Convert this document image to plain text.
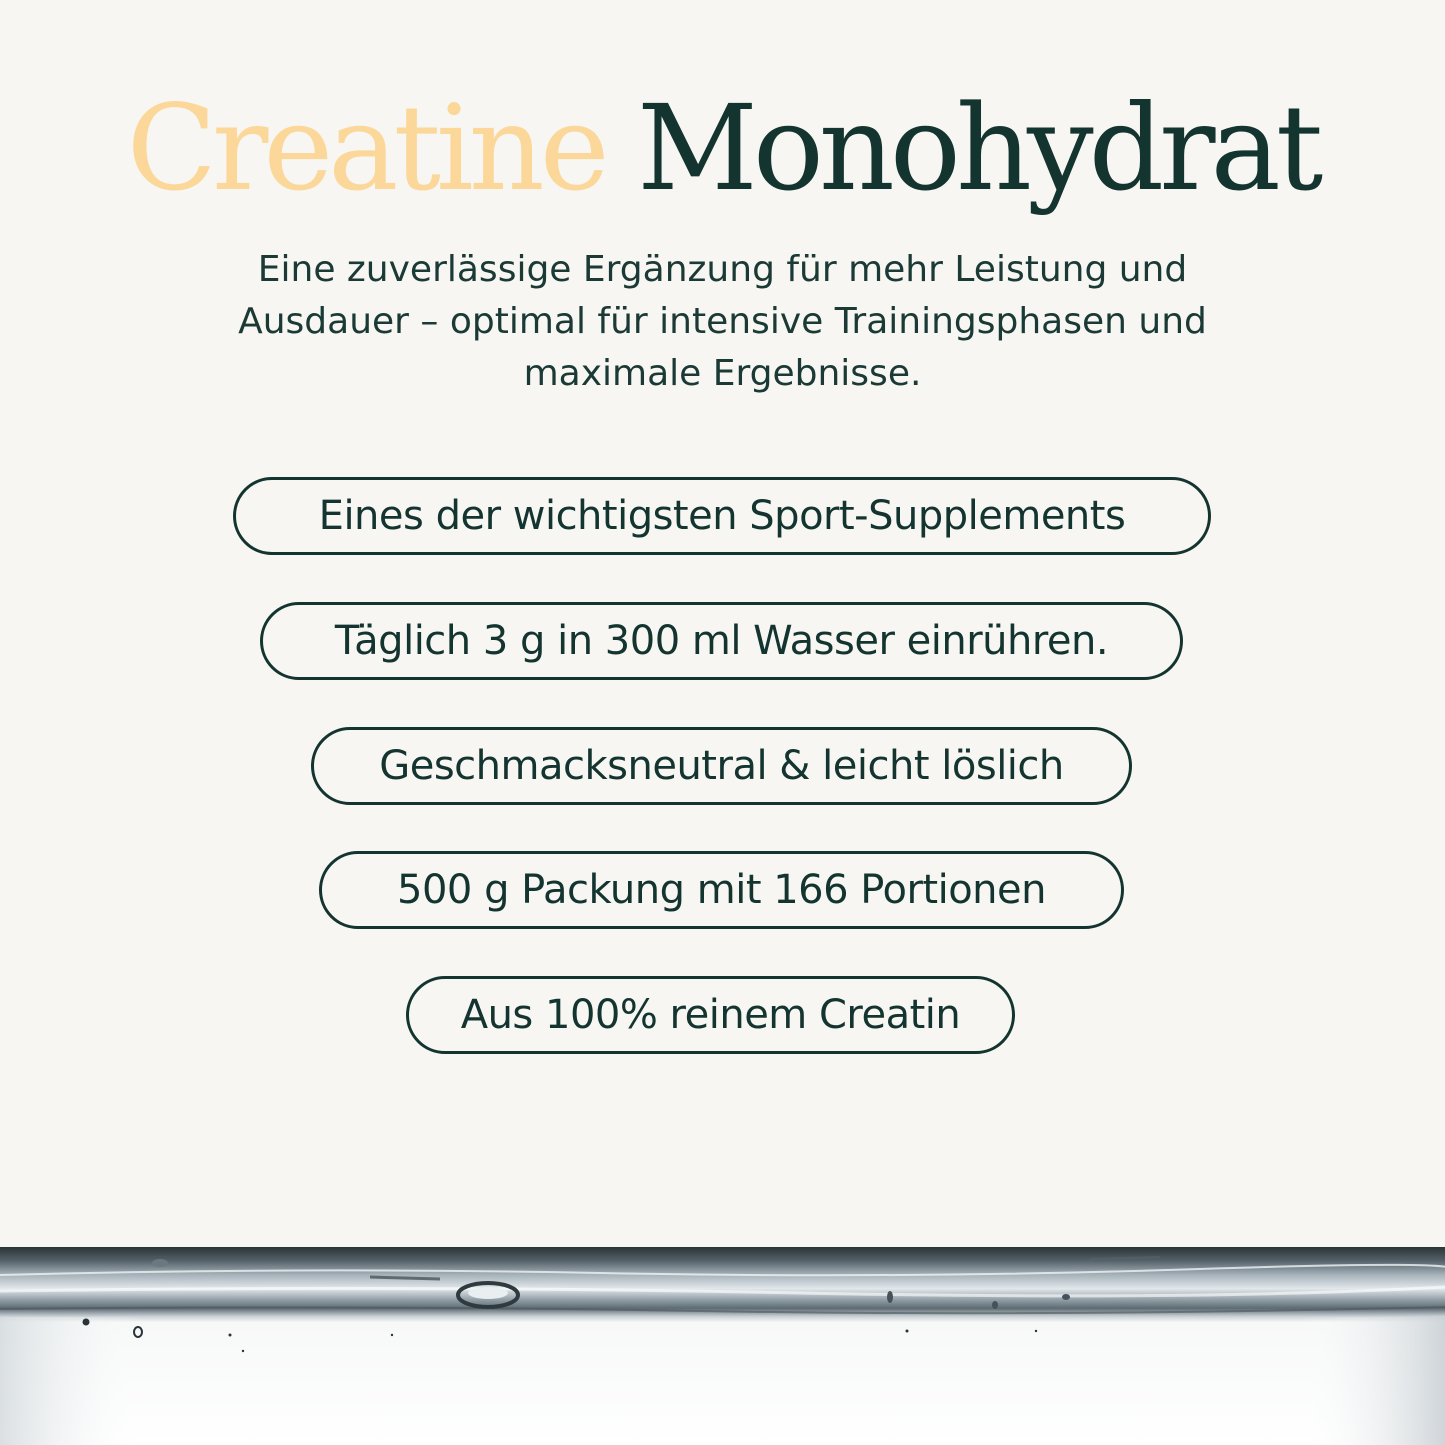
Creatine Monohydrat

Eine zuverlässige Ergänzung für mehr Leistung und Ausdauer – optimal für intensive Trainingsphasen und maximale Ergebnisse.

Eines der wichtigsten Sport-Supplements
Täglich 3 g in 300 ml Wasser einrühren.
Geschmacksneutral & leicht löslich
500 g Packung mit 166 Portionen
Aus 100% reinem Creatin
